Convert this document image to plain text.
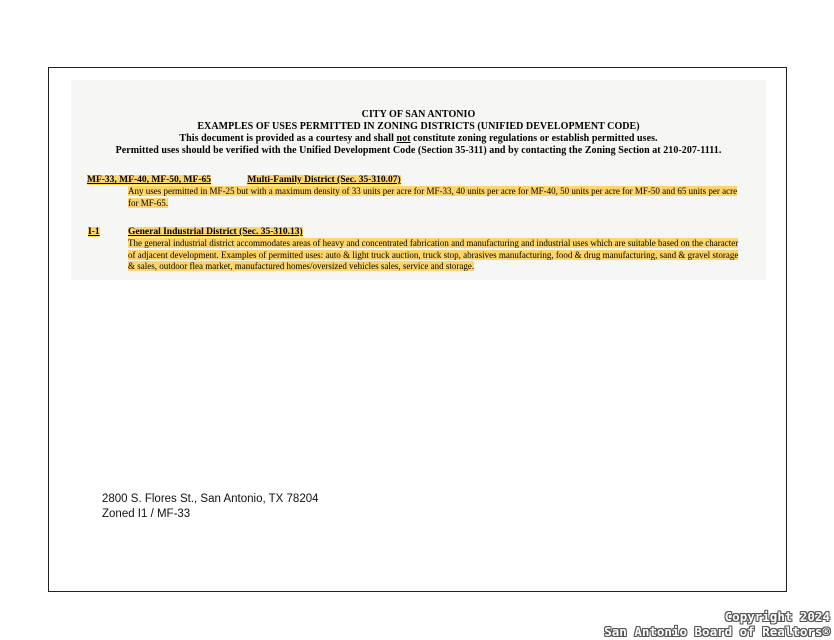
CITY OF SAN ANTONIO
EXAMPLES OF USES PERMITTED IN ZONING DISTRICTS (UNIFIED DEVELOPMENT CODE)
This document is provided as a courtesy and shall not constitute zoning regulations or establish permitted uses.
Permitted uses should be verified with the Unified Development Code (Section 35-311) and by contacting the Zoning Section at 210-207-1111.
MF-33, MF-40, MF-50, MF-65	Multi-Family District (Sec. 35-310.07)
Any uses permitted in MF-25 but with a maximum density of 33 units per acre for MF-33, 40 units per acre for MF-40, 50 units per acre for MF-50 and 65 units per acre for MF-65.
I-1	General Industrial District (Sec. 35-310.13)
The general industrial district accommodates areas of heavy and concentrated fabrication and manufacturing and industrial uses which are suitable based on the character of adjacent development. Examples of permitted uses: auto & light truck auction, truck stop, abrasives manufacturing, food & drug manufacturing, sand & gravel storage & sales, outdoor flea market, manufactured homes/oversized vehicles sales, service and storage.
2800 S. Flores St., San Antonio, TX 78204
Zoned I1 / MF-33
Copyright 2024
San Antonio Board of Realtors®
